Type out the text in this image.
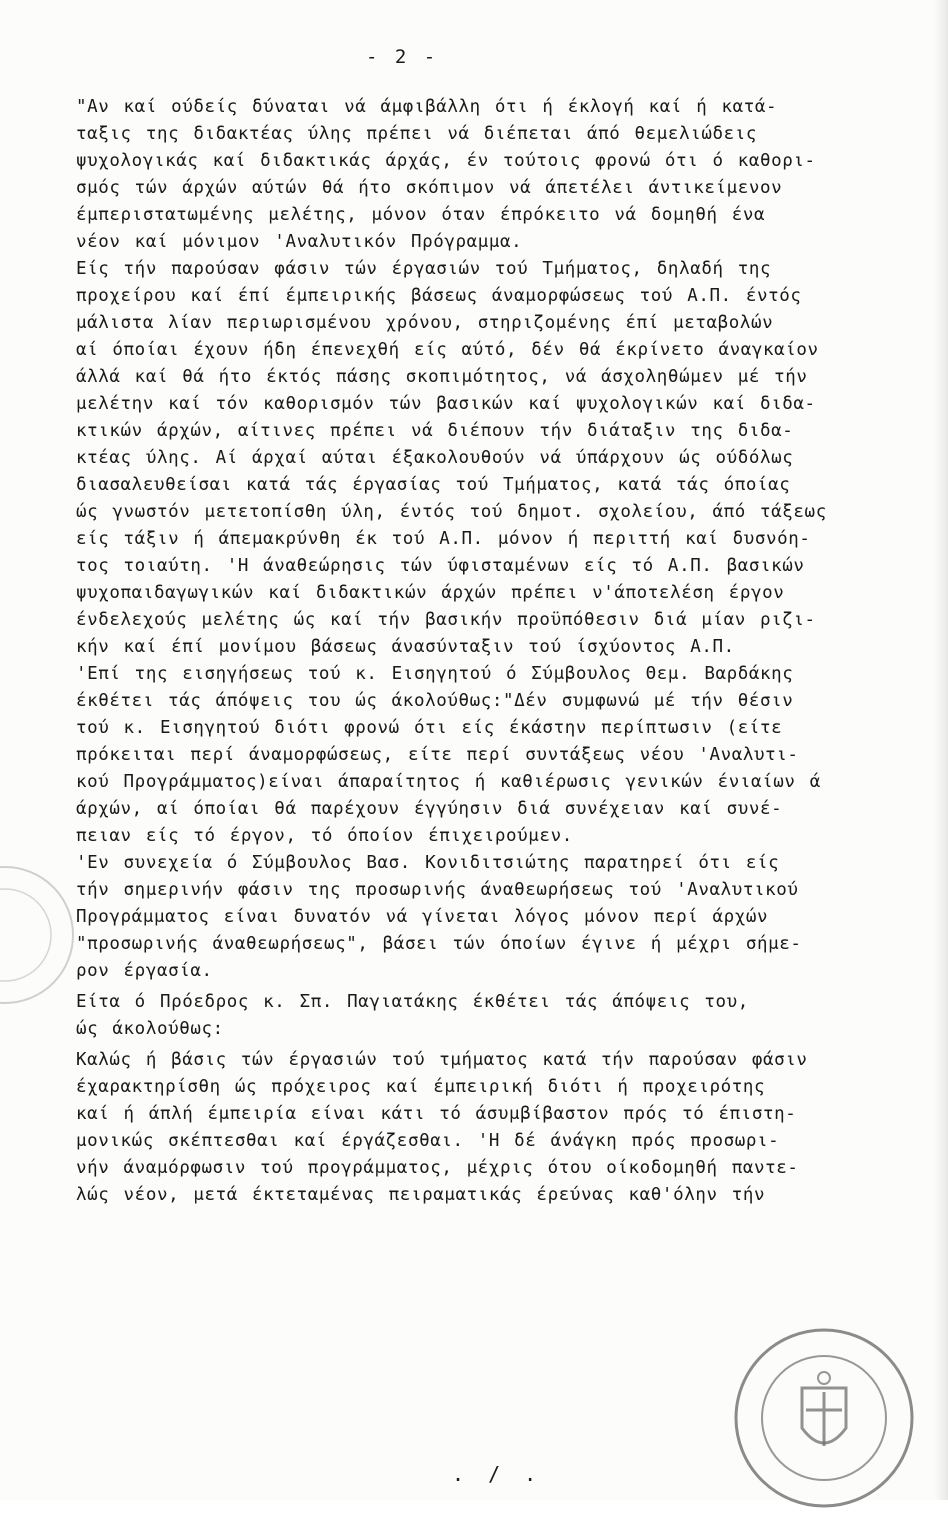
- 2 -
"Αν καί ούδείς δύναται νά άμφιβάλλη ότι ή έκλογή καί ή κατά-
ταξις της διδακτέας ύλης πρέπει νά διέπεται άπό θεμελιώδεις
ψυχολογικάς καί διδακτικάς άρχάς, έν τούτοις φρονώ ότι ό καθορι-
σμός τών άρχών αύτών θά ήτο σκόπιμον νά άπετέλει άντικείμενον
έμπεριστατωμένης μελέτης, μόνον όταν έπρόκειτο νά δομηθή ένα
νέον καί μόνιμον 'Αναλυτικόν Πρόγραμμα.
Είς τήν παρούσαν φάσιν τών έργασιών τού Τμήματος, δηλαδή της
προχείρου καί έπί έμπειρικής βάσεως άναμορφώσεως τού Α.Π. έντός
μάλιστα λίαν περιωρισμένου χρόνου, στηριζομένης έπί μεταβολών
αί όποίαι έχουν ήδη έπενεχθή είς αύτό, δέν θά έκρίνετο άναγκαίον
άλλά καί θά ήτο έκτός πάσης σκοπιμότητος, νά άσχοληθώμεν μέ τήν
μελέτην καί τόν καθορισμόν τών βασικών καί ψυχολογικών καί διδα-
κτικών άρχών, αίτινες πρέπει νά διέπουν τήν διάταξιν της διδα-
κτέας ύλης. Αί άρχαί αύται έξακολουθούν νά ύπάρχουν ώς ούδόλως
διασαλευθείσαι κατά τάς έργασίας τού Τμήματος, κατά τάς όποίας
ώς γνωστόν μετετοπίσθη ύλη, έντός τού δημοτ. σχολείου, άπό τάξεως
είς τάξιν ή άπεμακρύνθη έκ τού Α.Π. μόνον ή περιττή καί δυσνόη-
τος τοιαύτη. 'Η άναθεώρησις τών ύφισταμένων είς τό Α.Π. βασικών
ψυχοπαιδαγωγικών καί διδακτικών άρχών πρέπει ν'άποτελέση έργον
ένδελεχούς μελέτης ώς καί τήν βασικήν προϋπόθεσιν διά μίαν ριζι-
κήν καί έπί μονίμου βάσεως άνασύνταξιν τού ίσχύοντος Α.Π.
'Επί της εισηγήσεως τού κ. Εισηγητού ό Σύμβουλος Θεμ. Βαρδάκης
έκθέτει τάς άπόψεις του ώς άκολούθως:"Δέν συμφωνώ μέ τήν θέσιν
τού κ. Εισηγητού διότι φρονώ ότι είς έκάστην περίπτωσιν (είτε
πρόκειται περί άναμορφώσεως, είτε περί συντάξεως νέου 'Αναλυτι-
κού Προγράμματος)είναι άπαραίτητος ή καθιέρωσις γενικών ένιαίων ά
άρχών, αί όποίαι θά παρέχουν έγγύησιν διά συνέχειαν καί συνέ-
πειαν είς τό έργον, τό όποίον έπιχειρούμεν.
'Εν συνεχεία ό Σύμβουλος Βασ. Κονιδιτσιώτης παρατηρεί ότι είς
τήν σημερινήν φάσιν της προσωρινής άναθεωρήσεως τού 'Αναλυτικού
Προγράμματος είναι δυνατόν νά γίνεται λόγος μόνον περί άρχών
"προσωρινής άναθεωρήσεως", βάσει τών όποίων έγινε ή μέχρι σήμε-
ρον έργασία.
Είτα ό Πρόεδρος κ. Σπ. Παγιατάκης έκθέτει τάς άπόψεις του,
ώς άκολούθως:
Καλώς ή βάσις τών έργασιών τού τμήματος κατά τήν παρούσαν φάσιν
έχαρακτηρίσθη ώς πρόχειρος καί έμπειρική διότι ή προχειρότης
καί ή άπλή έμπειρία είναι κάτι τό άσυμβίβαστον πρός τό έπιστη-
μονικώς σκέπτεσθαι καί έργάζεσθαι. 'Η δέ άνάγκη πρός προσωρι-
νήν άναμόρφωσιν τού προγράμματος, μέχρις ότου οίκοδομηθή παντε-
λώς νέον, μετά έκτεταμένας πειραματικάς έρεύνας καθ'όλην τήν
. / .
